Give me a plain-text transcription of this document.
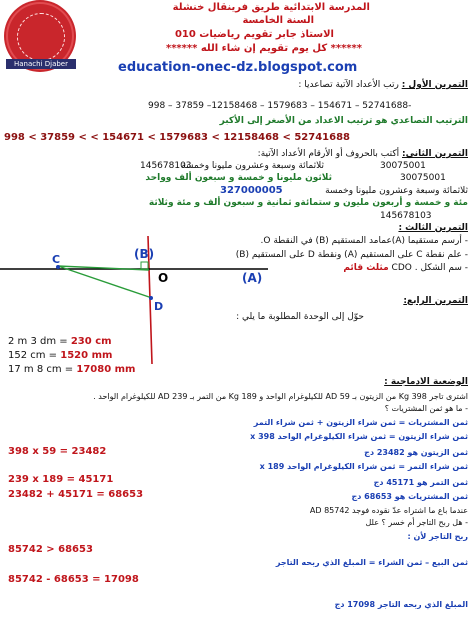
Hanachi Djaber
المدرسة الابتدائية طريق فرينقال خنشلة
السنة الخامسة
الاستاذ جابر تقويم رياضيات 010
****** كل يوم تقويم إن شاء الله ******
education-onec-dz.blogspot.com
التمرين الأول : رتب الأعداد الآتية تصاعديا :
998 – 37859 –12158468 – 1579683 – 154671 – 52741688-
الترتيب التصاعدي هو ترتيب الاعداد من الأصغر إلى الأكبر
998 < 37859 < < 154671 < 1579683 < 12158468 < 52741688
التمرين الثاني: أكتب بالحروف أو الأرقام الأعداد الآتية:
145678103
ثلاثمائة وسبعة وعشرون مليونا وخمسة	30075001
ثلاثون مليونا و خمسة و سبعون ألف وواحد	30075001
ثلاثمائة وسبعة وعشرون مليونا وخمسة
327000005
مئة و خمسة و أربعون مليون و ستمائةو ثمانية و سبعون ألف و مئة وثلاثة
145678103
التمرين الثالث :
- أرسم مستقيما (A)عمامد المستقيم (B) في النقطة O.
- علم نقطة C على المستقيم (A) ونقطة D على المستقيم (B)
- سم الشكل . CDO مثلث قائم
(B)
C
O	(A)
D	التمرين الرابع:
حوّل إلى الوحدة المطلوبة ما يلي :
2 m 3 dm = 230 cm
152 cm = 1520 mm
17 m 8 cm = 17080 mm
الوضعية الادماجية :
اشترى تاجر 398 Kg من الزيتون بـ 59 AD للكيلوغرام الواحد و 189 Kg من التمر بـ 239 AD للكيلوغرام الواحد .
- ما هو ثمن المشتريات ؟
ثمن المشتريات = ثمن شراء الزيتون + ثمن شراء التمر
ثمن شراء الزيتون = ثمن شراء الكيلوغرام الواحد x 398
398 x 59 = 23482	ثمن الزيتون هو 23482 دج
ثمن شراء التمر = ثمن شراء الكيلوغرام الواحد x 189
239 x 189 = 45171	ثمن التمر هو 45171 دج
23482 + 45171 = 68653	ثمن المشتريات هو 68653 دج
عندما باع ما اشتراه عدّ نقوده فوجد 85742 AD
- هل ربح التاجر أم خسر ؟ علل
ربح التاجر لأن :
85742 > 68653
ثمن البيع – ثمن الشراء = المبلغ الذي ربحه التاجر
85742 - 68653 = 17098
المبلغ الذي ربحه التاجر 17098 دج
